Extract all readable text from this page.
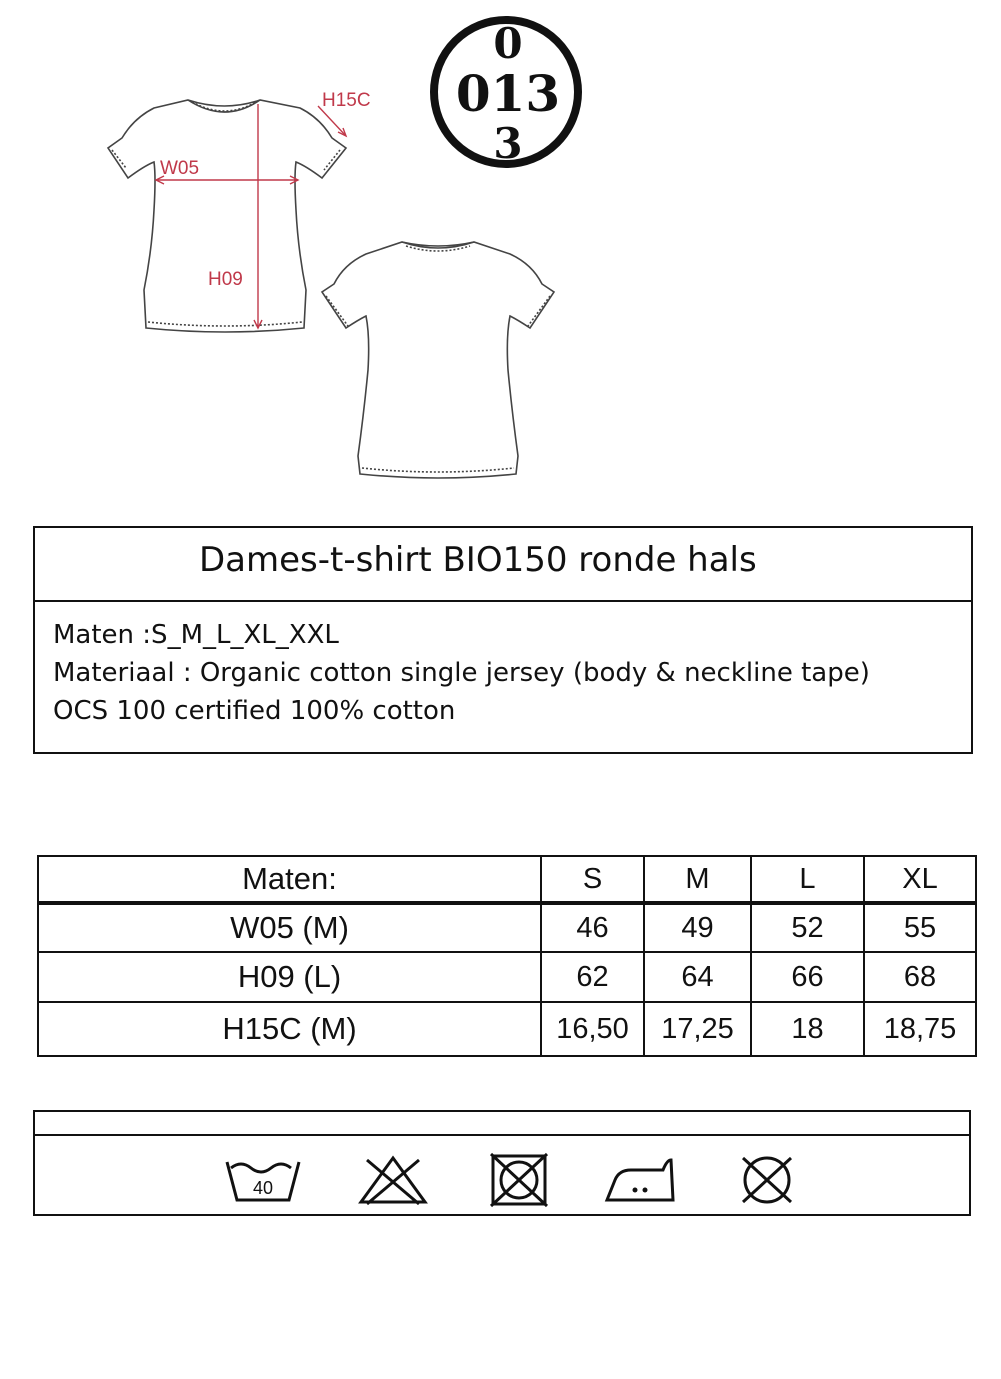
0
013
3
H15C
W05
H09
Dames-t-shirt BIO150 ronde hals
Maten :S_M_L_XL_XXL
Materiaal : Organic cotton single jersey (body & neckline tape)
OCS 100 certified 100% cotton
Maten:	S	M	L	XL
W05 (M)	46	49	52	55
H09 (L)	62	64	66	68
H15C (M)	16,50	17,25	18	18,75
40
